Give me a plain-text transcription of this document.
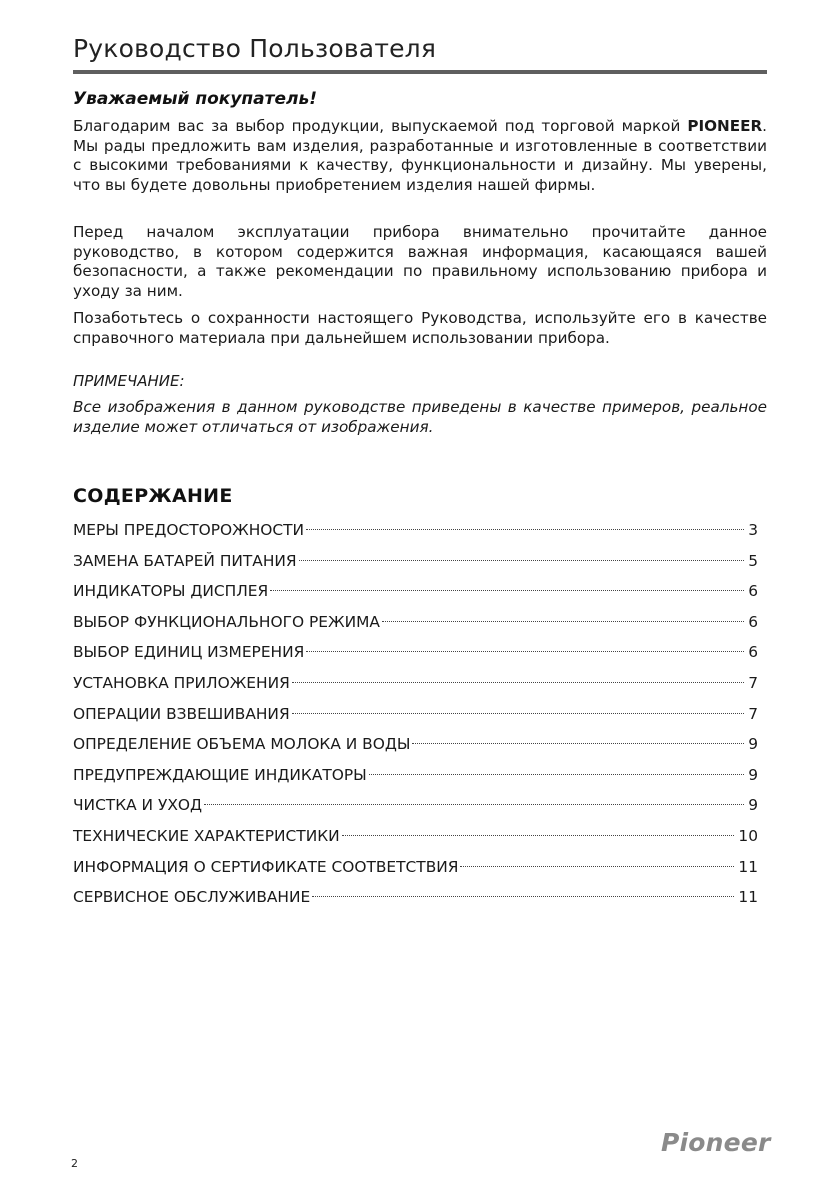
Руководство Пользователя
Уважаемый покупатель!
Благодарим вас за выбор продукции, выпускаемой под торговой маркой PIONEER. Мы рады предложить вам изделия, разработанные и изготовленные в соответствии с высокими требованиями к качеству, функциональности и дизайну. Мы уверены, что вы будете довольны приобретением изделия нашей фирмы.
Перед началом эксплуатации прибора внимательно прочитайте данное руководство, в котором содержится важная информация, касающаяся вашей безопасности, а также рекомендации по правильному использованию прибора и уходу за ним.
Позаботьтесь о сохранности настоящего Руководства, используйте его в качестве справочного материала при дальнейшем использовании прибора.
ПРИМЕЧАНИЕ:
Все изображения в данном руководстве приведены в качестве примеров, реальное изделие может отличаться от изображения.
СОДЕРЖАНИЕ
МЕРЫ ПРЕДОСТОРОЖНОСТИ	3
ЗАМЕНА БАТАРЕЙ ПИТАНИЯ	5
ИНДИКАТОРЫ ДИСПЛЕЯ	6
ВЫБОР ФУНКЦИОНАЛЬНОГО РЕЖИМА	6
ВЫБОР ЕДИНИЦ ИЗМЕРЕНИЯ	6
УСТАНОВКА ПРИЛОЖЕНИЯ	7
ОПЕРАЦИИ ВЗВЕШИВАНИЯ	7
ОПРЕДЕЛЕНИЕ ОБЪЕМА МОЛОКА И ВОДЫ	9
ПРЕДУПРЕЖДАЮЩИЕ ИНДИКАТОРЫ	9
ЧИСТКА И УХОД	9
ТЕХНИЧЕСКИЕ ХАРАКТЕРИСТИКИ	10
ИНФОРМАЦИЯ О СЕРТИФИКАТЕ СООТВЕТСТВИЯ	11
СЕРВИСНОЕ ОБСЛУЖИВАНИЕ	11
2
Pioneer
